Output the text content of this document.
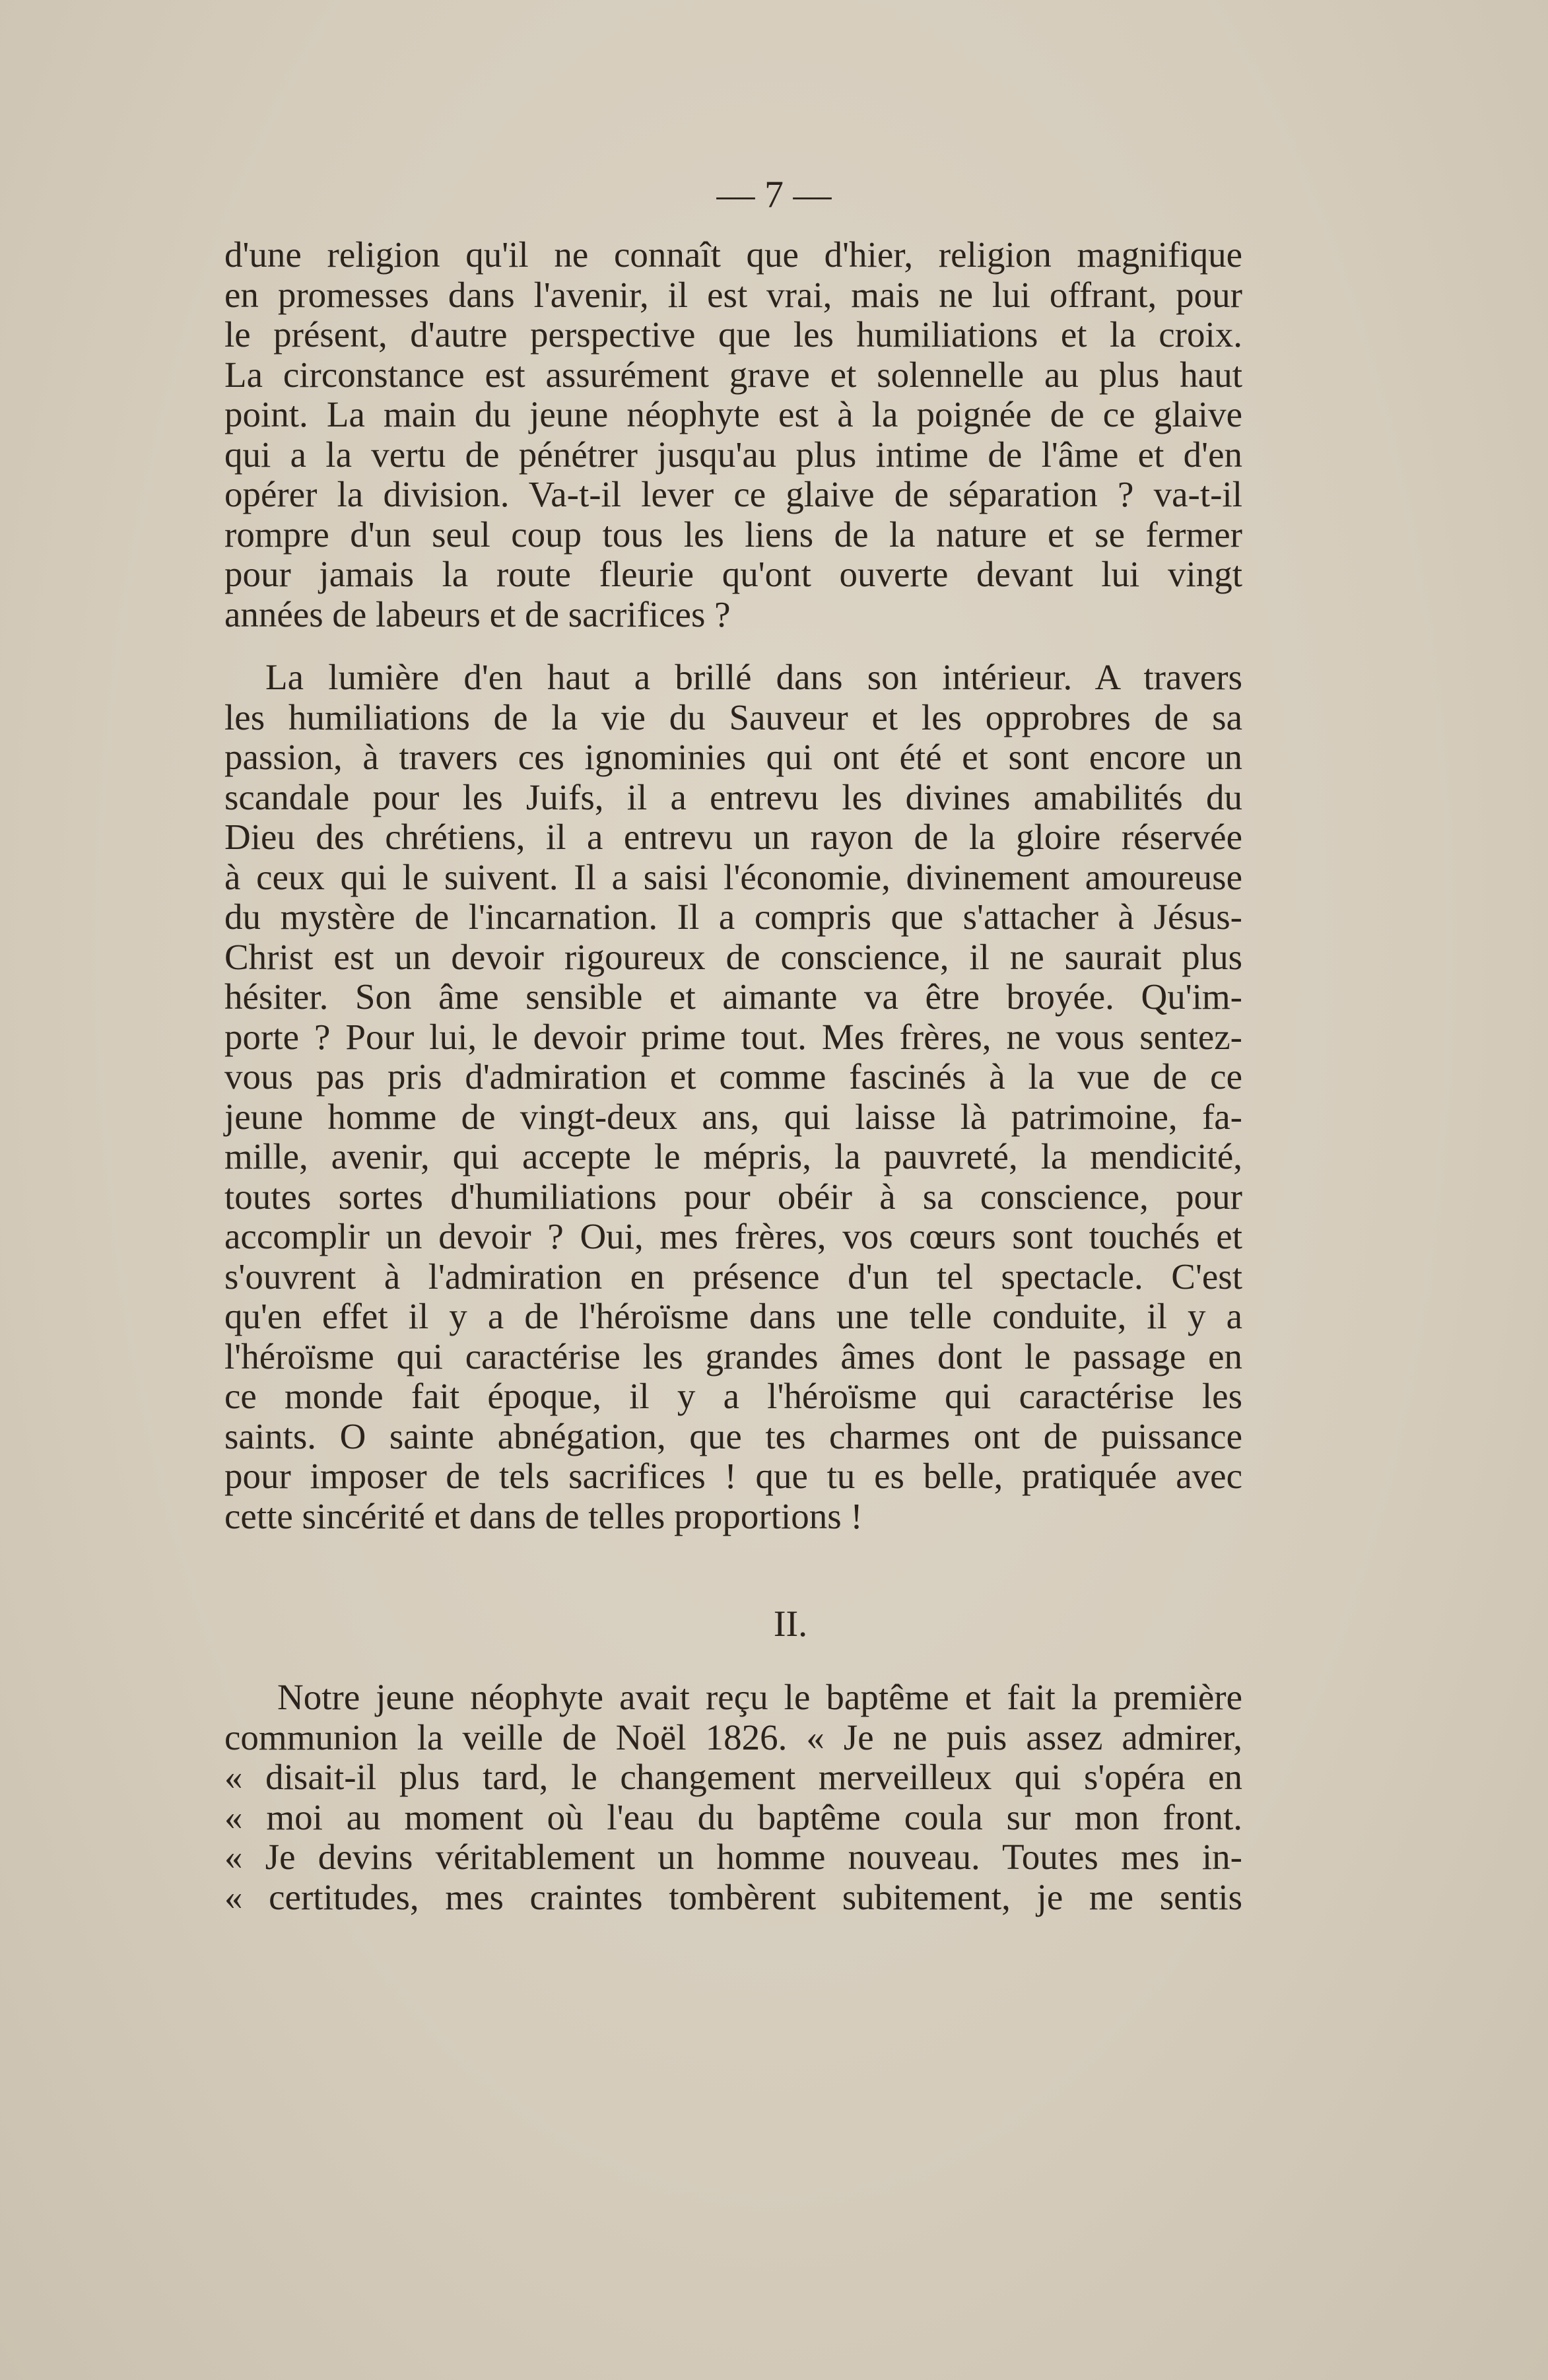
— 7 —
d'une religion qu'il ne connaît que d'hier, religion magnifique
en promesses dans l'avenir, il est vrai, mais ne lui offrant, pour
le présent, d'autre perspective que les humiliations et la croix.
La circonstance est assurément grave et solennelle au plus haut
point. La main du jeune néophyte est à la poignée de ce glaive
qui a la vertu de pénétrer jusqu'au plus intime de l'âme et d'en
opérer la division. Va-t-il lever ce glaive de séparation ? va-t-il
rompre d'un seul coup tous les liens de la nature et se fermer
pour jamais la route fleurie qu'ont ouverte devant lui vingt
années de labeurs et de sacrifices ?
La lumière d'en haut a brillé dans son intérieur. A travers
les humiliations de la vie du Sauveur et les opprobres de sa
passion, à travers ces ignominies qui ont été et sont encore un
scandale pour les Juifs, il a entrevu les divines amabilités du
Dieu des chrétiens, il a entrevu un rayon de la gloire réservée
à ceux qui le suivent. Il a saisi l'économie, divinement amoureuse
du mystère de l'incarnation. Il a compris que s'attacher à Jésus-
Christ est un devoir rigoureux de conscience, il ne saurait plus
hésiter. Son âme sensible et aimante va être broyée. Qu'im-
porte ? Pour lui, le devoir prime tout. Mes frères, ne vous sentez-
vous pas pris d'admiration et comme fascinés à la vue de ce
jeune homme de vingt-deux ans, qui laisse là patrimoine, fa-
mille, avenir, qui accepte le mépris, la pauvreté, la mendicité,
toutes sortes d'humiliations pour obéir à sa conscience, pour
accomplir un devoir ? Oui, mes frères, vos cœurs sont touchés et
s'ouvrent à l'admiration en présence d'un tel spectacle. C'est
qu'en effet il y a de l'héroïsme dans une telle conduite, il y a
l'héroïsme qui caractérise les grandes âmes dont le passage en
ce monde fait époque, il y a l'héroïsme qui caractérise les
saints. O sainte abnégation, que tes charmes ont de puissance
pour imposer de tels sacrifices ! que tu es belle, pratiquée avec
cette sincérité et dans de telles proportions !
II.
Notre jeune néophyte avait reçu le baptême et fait la première
communion la veille de Noël 1826. « Je ne puis assez admirer,
« disait-il plus tard, le changement merveilleux qui s'opéra en
« moi au moment où l'eau du baptême coula sur mon front.
« Je devins véritablement un homme nouveau. Toutes mes in-
« certitudes, mes craintes tombèrent subitement, je me sentis
